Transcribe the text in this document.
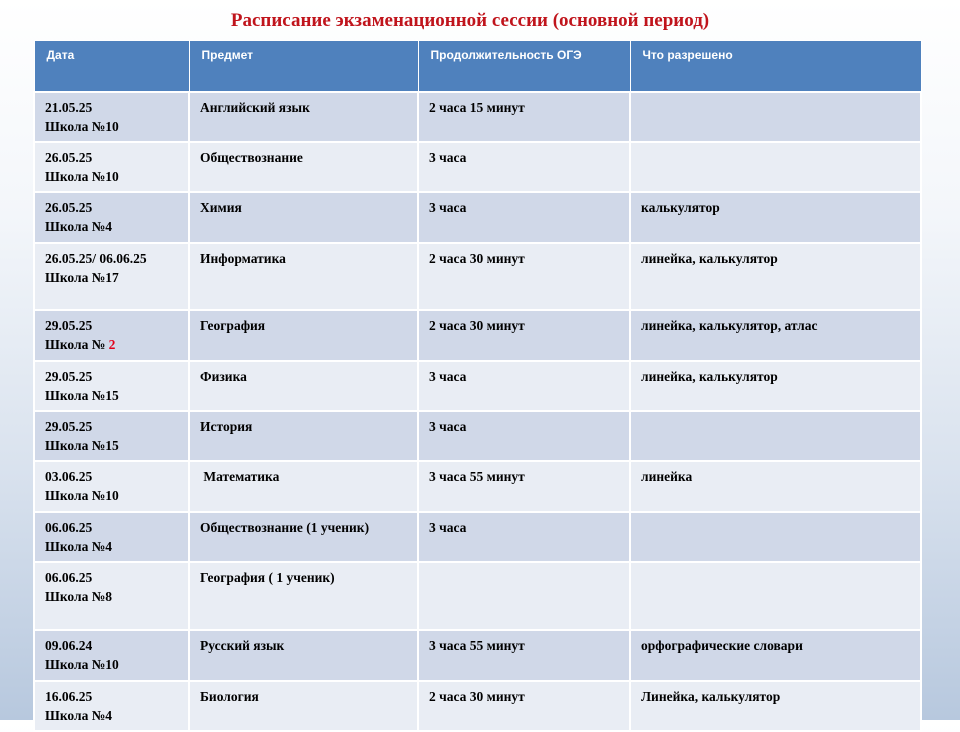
Расписание экзаменационной сессии (основной период)
Дата	Предмет	Продолжительность ОГЭ	Что разрешено

21.05.25
Школа №10	Английский язык	2 часа 15 минут	

26.05.25
Школа №10	Обществознание	3 часа	

26.05.25
Школа №4	Химия	3 часа	калькулятор

26.05.25/ 06.06.25
Школа №17	Информатика	2 часа 30 минут	линейка, калькулятор

29.05.25
Школа № 2	География	2 часа 30 минут	линейка, калькулятор, атлас

29.05.25
Школа №15	Физика	3 часа	линейка, калькулятор

29.05.25
Школа №15	История	3 часа	

03.06.25
Школа №10	Математика	3 часа 55 минут	линейка

06.06.25
Школа №4	Обществознание (1 ученик)	3 часа	

06.06.25
Школа №8	География ( 1 ученик)		

09.06.24
Школа №10	Русский язык	3 часа 55 минут	орфографические словари

16.06.25
Школа №4	Биология	2 часа 30 минут	Линейка, калькулятор
